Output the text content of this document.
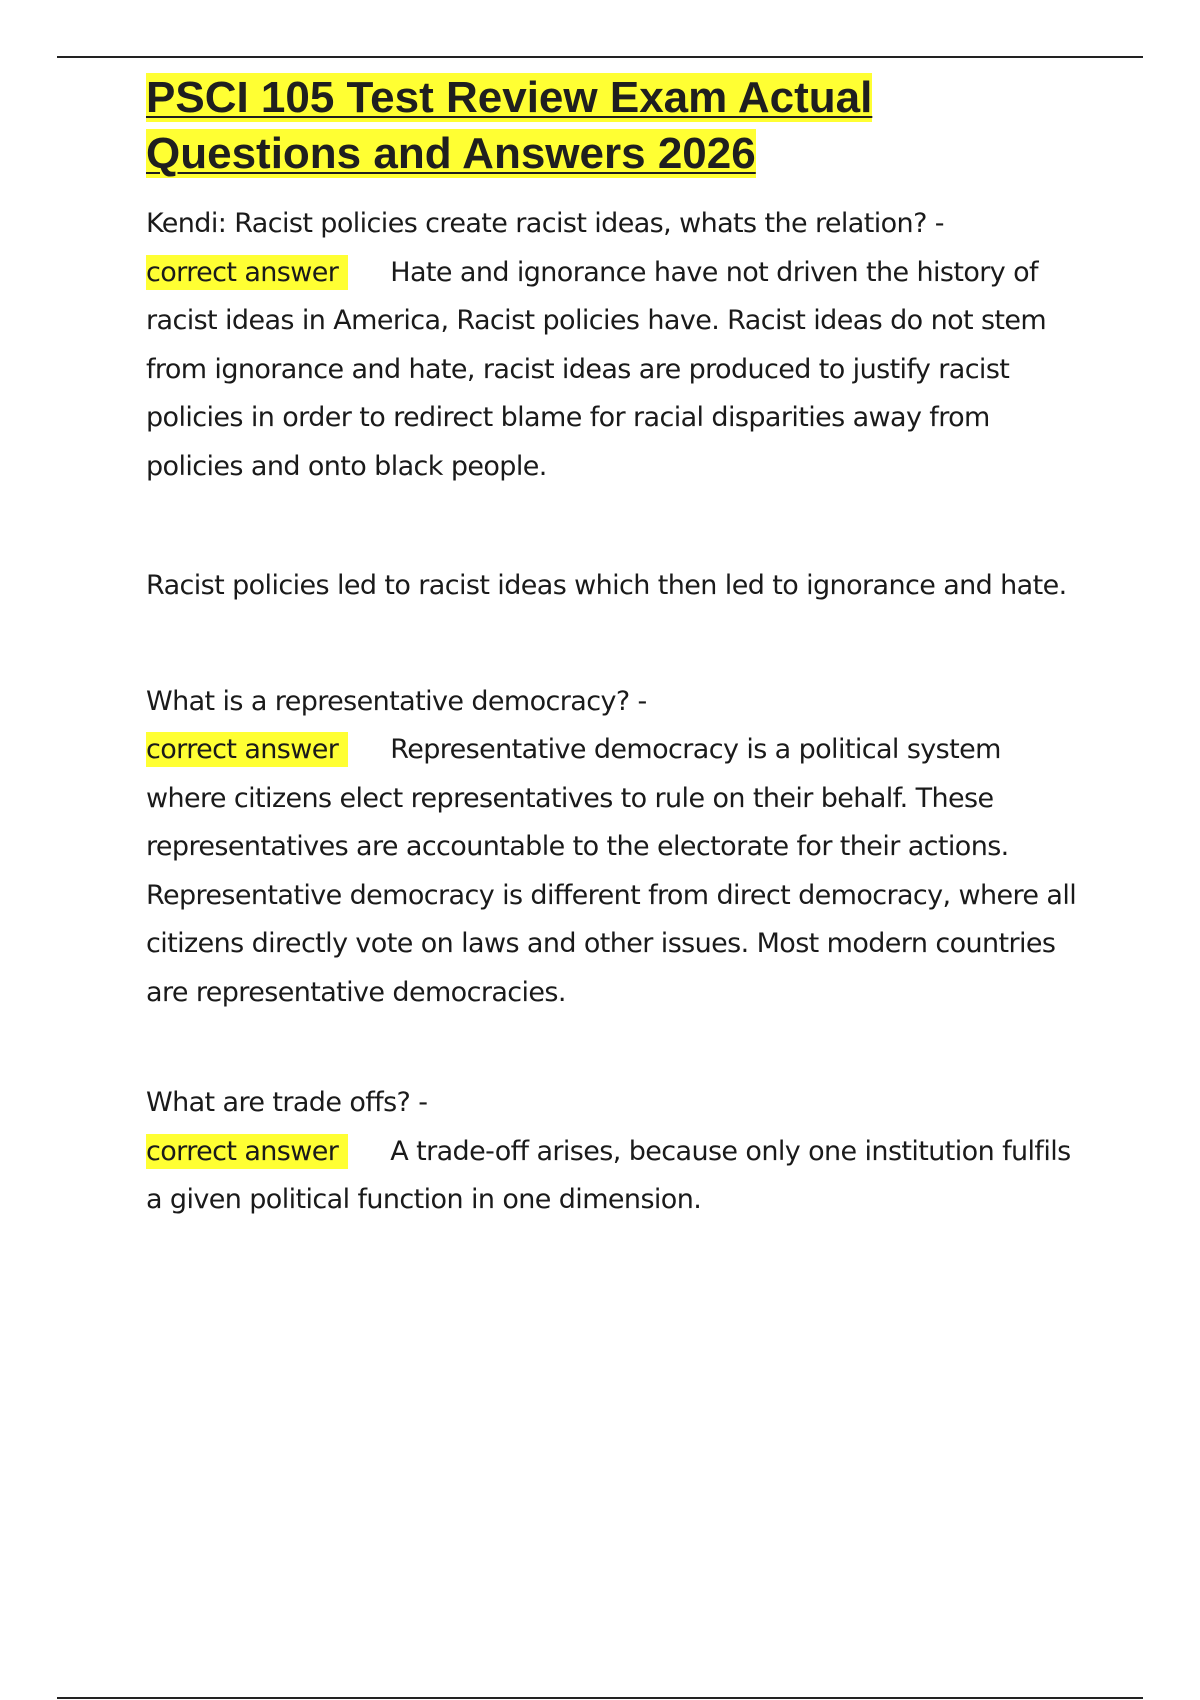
PSCI 105 Test Review Exam Actual Questions and Answers 2026

Kendi: Racist policies create racist ideas, whats the relation? -
correct answer Hate and ignorance have not driven the history of racist ideas in America, Racist policies have. Racist ideas do not stem from ignorance and hate, racist ideas are produced to justify racist policies in order to redirect blame for racial disparities away from policies and onto black people.

Racist policies led to racist ideas which then led to ignorance and hate.

What is a representative democracy? -
correct answer Representative democracy is a political system where citizens elect representatives to rule on their behalf. These representatives are accountable to the electorate for their actions. Representative democracy is different from direct democracy, where all citizens directly vote on laws and other issues. Most modern countries are representative democracies.

What are trade offs? -
correct answer A trade-off arises, because only one institution fulfils a given political function in one dimension.
